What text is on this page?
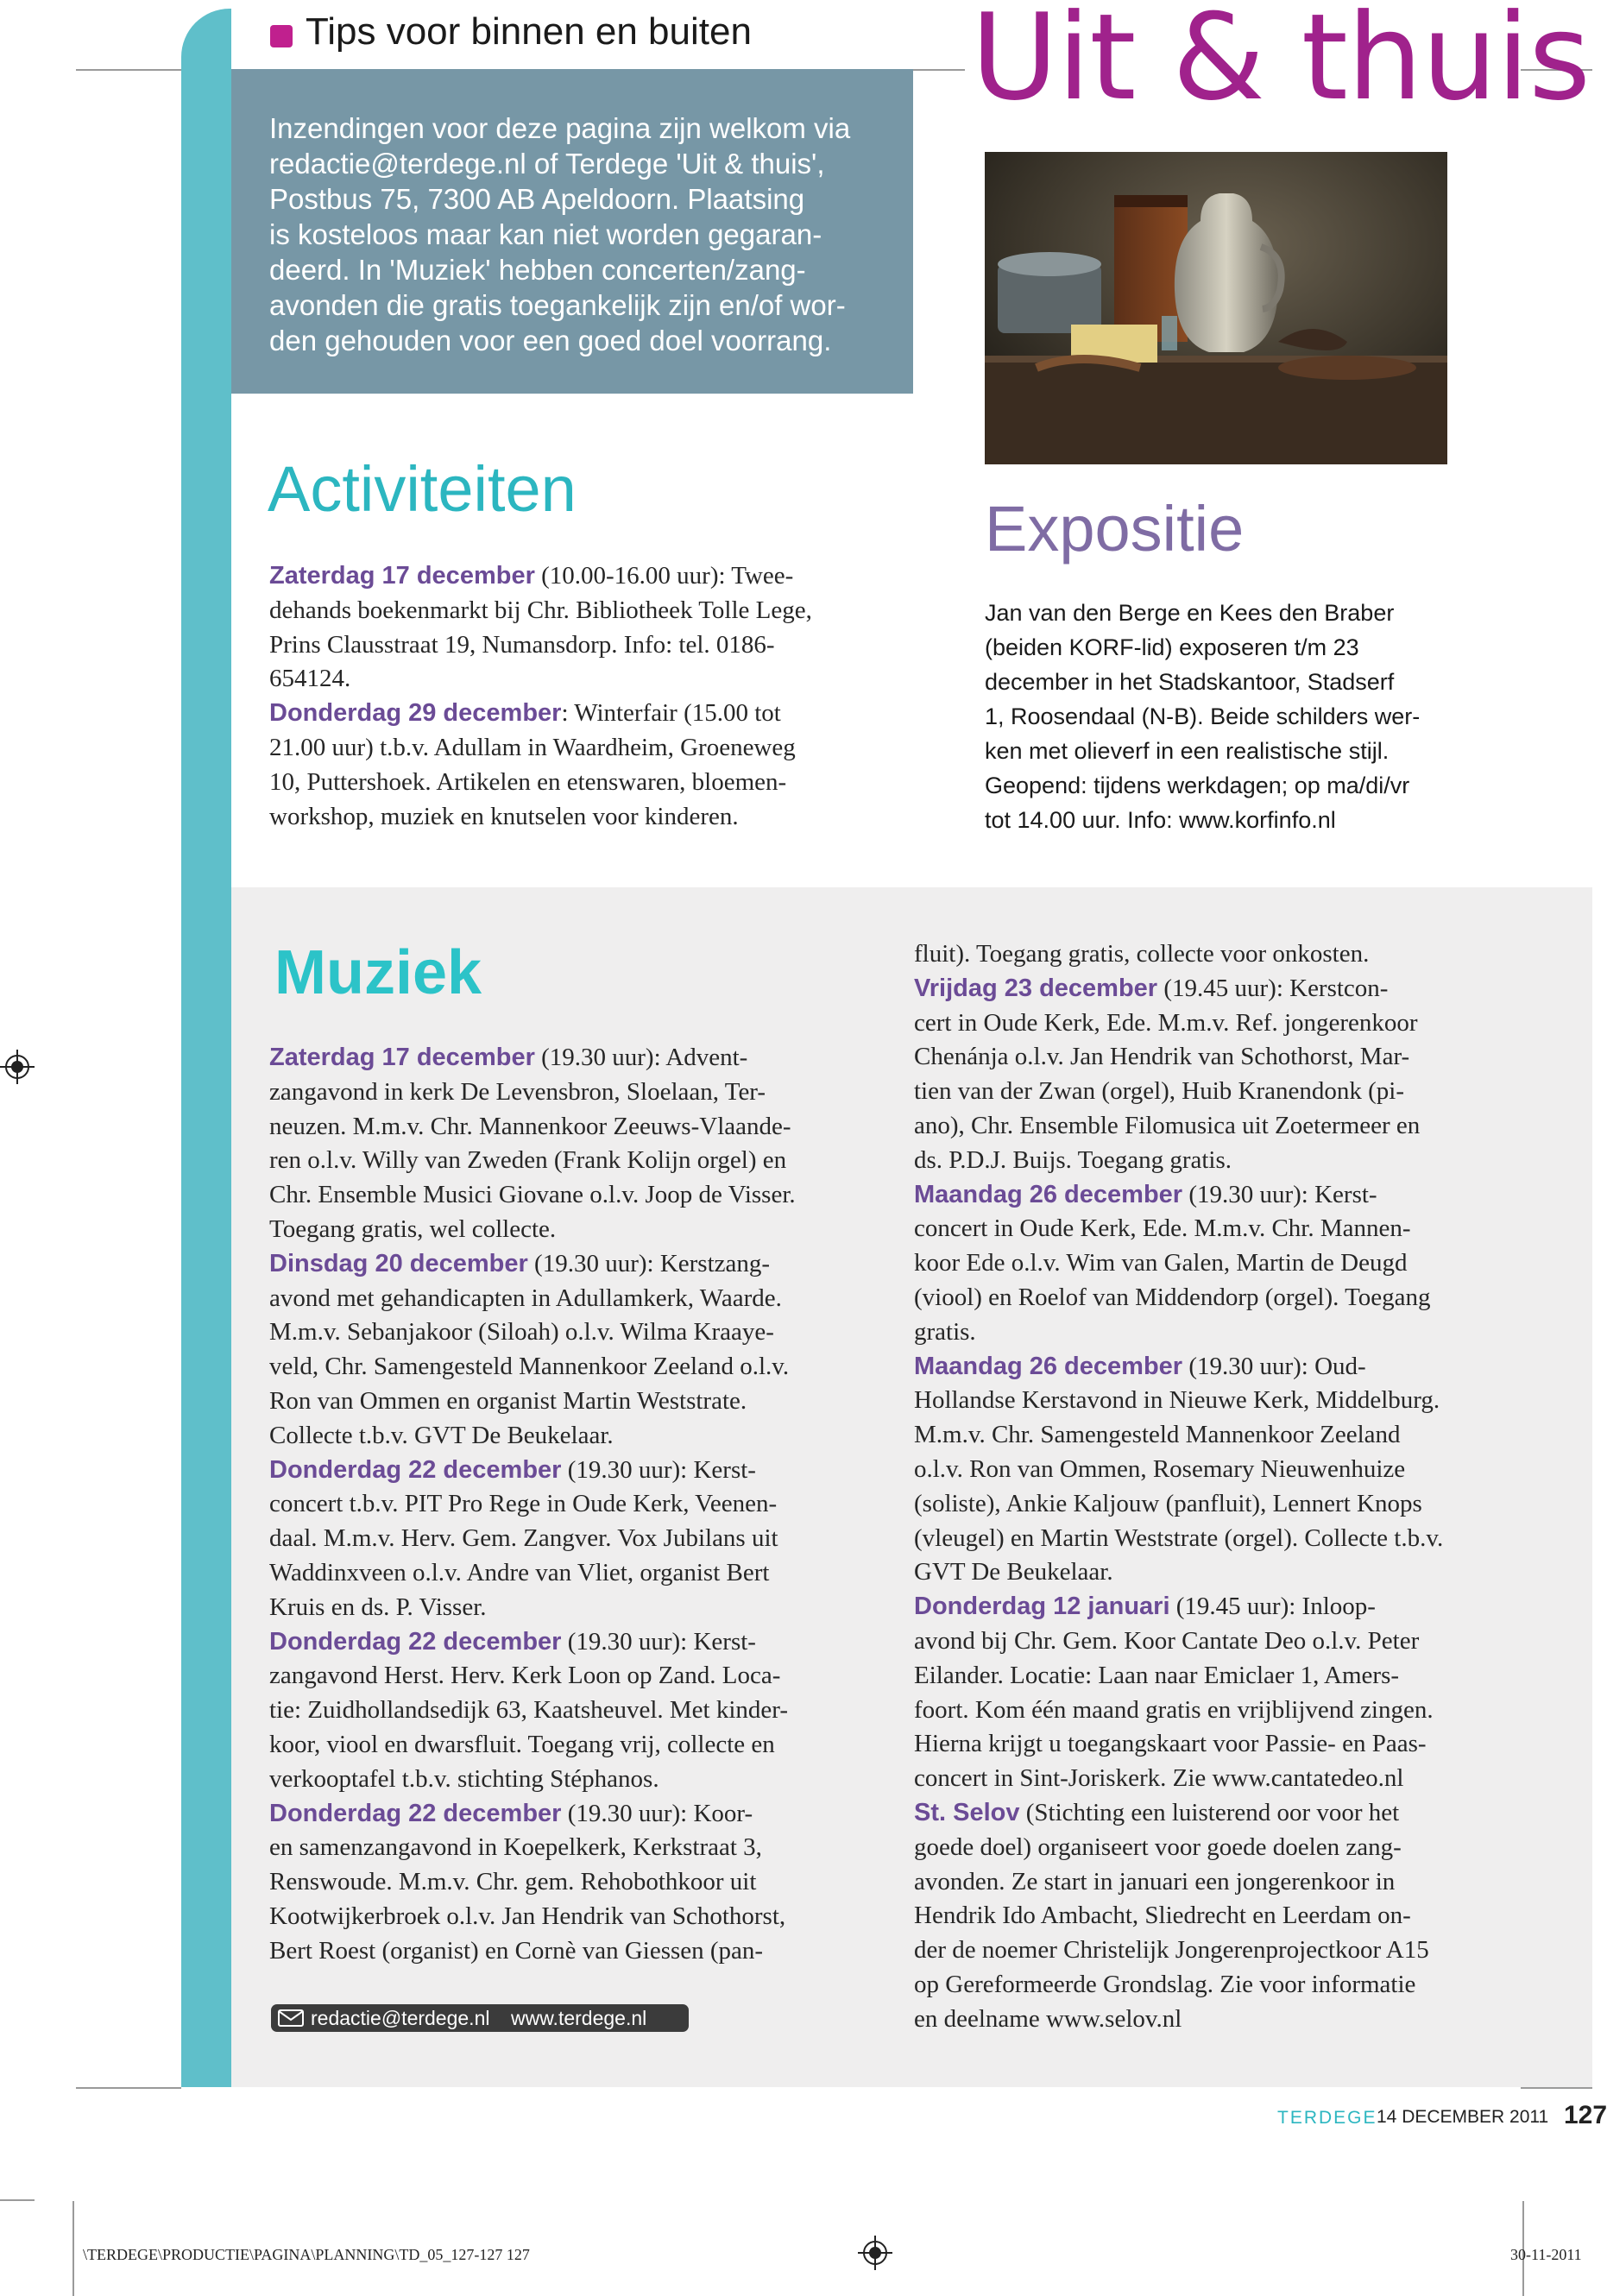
Tips voor binnen en buiten Uit & thuis

Inzendingen voor deze pagina zijn welkom via

redactie@terdege.nl of Terdege 'Uit & thuis',

Postbus 75, 7300 AB Apeldoorn. Plaatsing

is kosteloos maar kan niet worden gegaran-

deerd. In 'Muziek' hebben concerten/zang-

avonden die gratis toegankelijk zijn en/of wor-

den gehouden voor een goed doel voorrang.

Activiteiten

Zaterdag 17 december (10.00-16.00 uur): Twee-

dehands boekenmarkt bij Chr. Bibliotheek Tolle Lege,

Prins Clausstraat 19, Numansdorp. Info: tel. 0186-

654124.

Donderdag 29 december: Winterfair (15.00 tot

21.00 uur) t.b.v. Adullam in Waardheim, Groeneweg

10, Puttershoek. Artikelen en etenswaren, bloemen-

workshop, muziek en knutselen voor kinderen.

Expositie

Jan van den Berge en Kees den Braber

(beiden KORF-lid) exposeren t/m 23

december in het Stadskantoor, Stadserf

1, Roosendaal (N-B). Beide schilders wer-

ken met olieverf in een realistische stijl.

Geopend: tijdens werkdagen; op ma/di/vr

tot 14.00 uur. Info: www.korfinfo.nl

Muziek

Zaterdag 17 december (19.30 uur): Advent-

zangavond in kerk De Levensbron, Sloelaan, Ter-

neuzen. M.m.v. Chr. Mannenkoor Zeeuws-Vlaande-

ren o.l.v. Willy van Zweden (Frank Kolijn orgel) en

Chr. Ensemble Musici Giovane o.l.v. Joop de Visser.

Toegang gratis, wel collecte.

Dinsdag 20 december (19.30 uur): Kerstzang-

avond met gehandicapten in Adullamkerk, Waarde.

M.m.v. Sebanjakoor (Siloah) o.l.v. Wilma Kraaye-

veld, Chr. Samengesteld Mannenkoor Zeeland o.l.v.

Ron van Ommen en organist Martin Weststrate.

Collecte t.b.v. GVT De Beukelaar.

Donderdag 22 december (19.30 uur): Kerst-

concert t.b.v. PIT Pro Rege in Oude Kerk, Veenen-

daal. M.m.v. Herv. Gem. Zangver. Vox Jubilans uit

Waddinxveen o.l.v. Andre van Vliet, organist Bert

Kruis en ds. P. Visser.

Donderdag 22 december (19.30 uur): Kerst-

zangavond Herst. Herv. Kerk Loon op Zand. Loca-

tie: Zuidhollandsedijk 63, Kaatsheuvel. Met kinder-

koor, viool en dwarsfluit. Toegang vrij, collecte en

verkooptafel t.b.v. stichting Stéphanos.

Donderdag 22 december (19.30 uur): Koor-

en samenzangavond in Koepelkerk, Kerkstraat 3,

Renswoude. M.m.v. Chr. gem. Rehobothkoor uit

Kootwijkerbroek o.l.v. Jan Hendrik van Schothorst,

Bert Roest (organist) en Cornè van Giessen (pan-

fluit). Toegang gratis, collecte voor onkosten.

Vrijdag 23 december (19.45 uur): Kerstcon-

cert in Oude Kerk, Ede. M.m.v. Ref. jongerenkoor

Chenánja o.l.v. Jan Hendrik van Schothorst, Mar-

tien van der Zwan (orgel), Huib Kranendonk (pi-

ano), Chr. Ensemble Filomusica uit Zoetermeer en

ds. P.D.J. Buijs. Toegang gratis.

Maandag 26 december (19.30 uur): Kerst-

concert in Oude Kerk, Ede. M.m.v. Chr. Mannen-

koor Ede o.l.v. Wim van Galen, Martin de Deugd

(viool) en Roelof van Middendorp (orgel). Toegang

gratis.

Maandag 26 december (19.30 uur): Oud-

Hollandse Kerstavond in Nieuwe Kerk, Middelburg.

M.m.v. Chr. Samengesteld Mannenkoor Zeeland

o.l.v. Ron van Ommen, Rosemary Nieuwenhuize

(soliste), Ankie Kaljouw (panfluit), Lennert Knops

(vleugel) en Martin Weststrate (orgel). Collecte t.b.v.

GVT De Beukelaar.

Donderdag 12 januari (19.45 uur): Inloop-

avond bij Chr. Gem. Koor Cantate Deo o.l.v. Peter

Eilander. Locatie: Laan naar Emiclaer 1, Amers-

foort. Kom één maand gratis en vrijblijvend zingen.

Hierna krijgt u toegangskaart voor Passie- en Paas-

concert in Sint-Joriskerk. Zie www.cantatedeo.nl

St. Selov (Stichting een luisterend oor voor het

goede doel) organiseert voor goede doelen zang-

avonden. Ze start in januari een jongerenkoor in

Hendrik Ido Ambacht, Sliedrecht en Leerdam on-

der de noemer Christelijk Jongerenprojectkoor A15

op Gereformeerde Grondslag. Zie voor informatie

en deelname www.selov.nl

redactie@terdege.nl www.terdege.nl
TERDEGE 14 DECEMBER 2011 127
\TERDEGE\PRODUCTIE\PAGINA\PLANNING\TD_05_127-127 127	30-11-2011
